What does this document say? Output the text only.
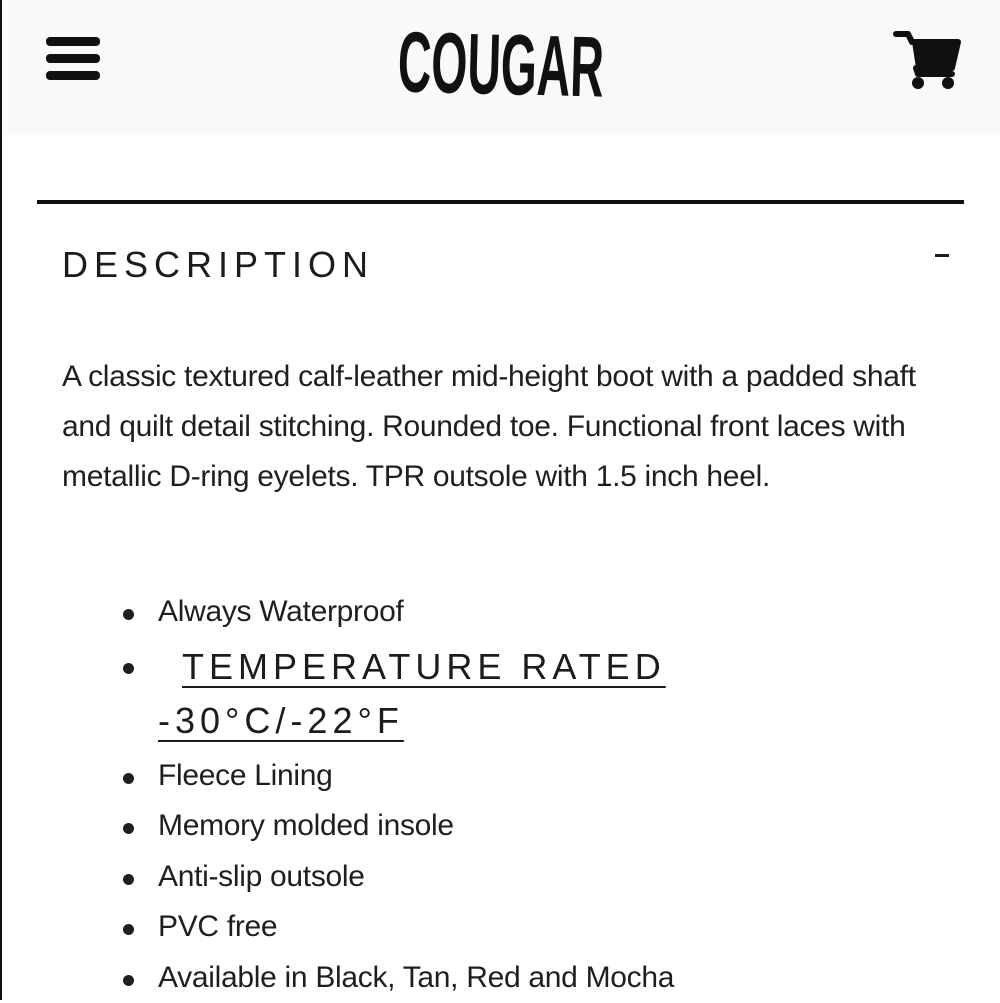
COUGAR
DESCRIPTION

A classic textured calf-leather mid-height boot with a padded shaft and quilt detail stitching. Rounded toe. Functional front laces with metallic D-ring eyelets. TPR outsole with 1.5 inch heel.

Always Waterproof
TEMPERATURE RATED -30°C/-22°F
Fleece Lining
Memory molded insole
Anti-slip outsole
PVC free
Available in Black, Tan, Red and Mocha
